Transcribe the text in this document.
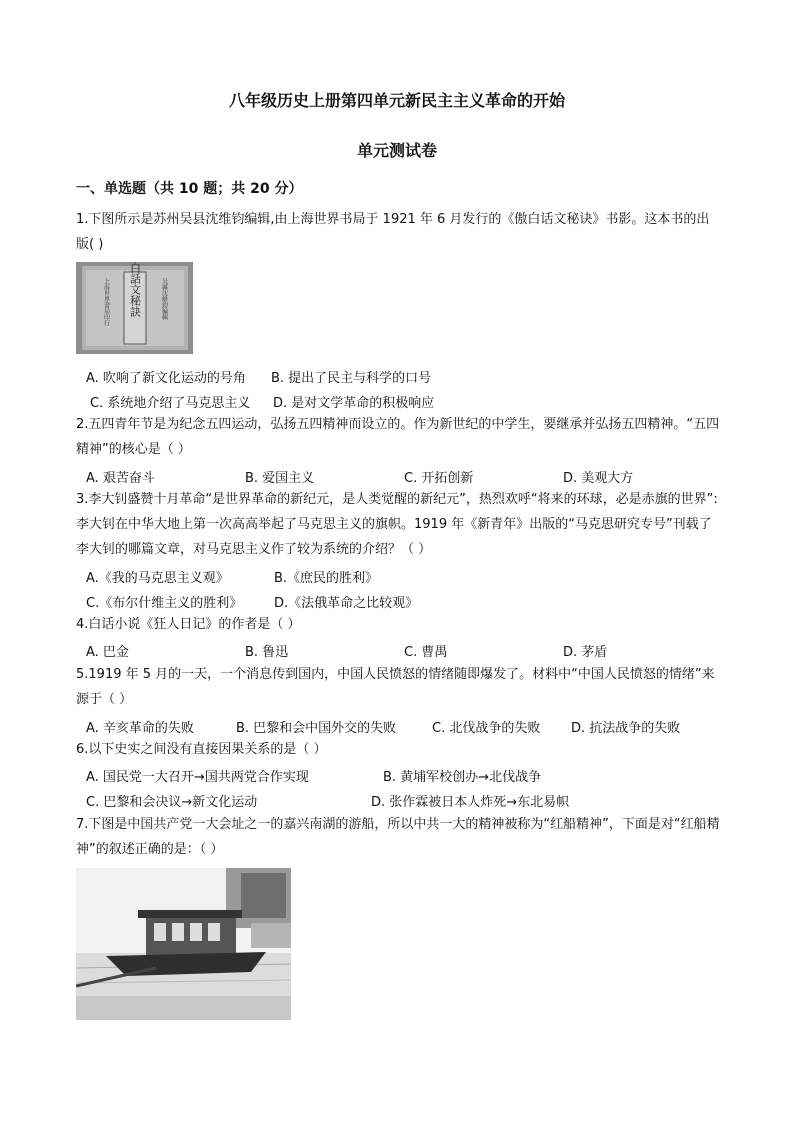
八年级历史上册第四单元新民主主义革命的开始
单元测试卷
一、单选题（共 10 题；共 20 分）
1.下图所示是苏州吴县沈维钧编辑,由上海世界书局于 1921 年 6 月发行的《傲白话文秘诀》书影。这本书的出版( )
傲白話文秘訣
上海世界書局印行	吴縣沈維鈞編輯
A. 吹响了新文化运动的号角 B. 提出了民主与科学的口号
C. 系统地介绍了马克思主义 D. 是对文学革命的积极响应
2.五四青年节是为纪念五四运动，弘扬五四精神而设立的。作为新世纪的中学生，要继承并弘扬五四精神。“五四精神”的核心是（ ）
A. 艰苦奋斗	B. 爱国主义	C. 开拓创新	D. 美观大方
3.李大钊盛赞十月革命“是世界革命的新纪元，是人类觉醒的新纪元”，热烈欢呼“将来的环球，必是赤旗的世界”: 李大钊在中华大地上第一次高高举起了马克思主义的旗帜。1919 年《新青年》出版的“马克思研究专号”刊载了李大钊的哪篇文章，对马克思主义作了较为系统的介绍？（ ）
A.《我的马克思主义观》	B.《庶民的胜利》
C.《布尔什维主义的胜利》 D.《法俄革命之比较观》
4.白话小说《狂人日记》的作者是（ ）
A. 巴金	B. 鲁迅	C. 曹禺	D. 茅盾
5.1919 年 5 月的一天，一个消息传到国内，中国人民愤怒的情绪随即爆发了。材料中“中国人民愤怒的情绪”来源于（ ）
A. 辛亥革命的失败	B. 巴黎和会中国外交的失败	C. 北伐战争的失败 D. 抗法战争的失败
6.以下史实之间没有直接因果关系的是（ ）
A. 国民党一大召开→国共两党合作实现	B. 黄埔军校创办→北伐战争
C. 巴黎和会决议→新文化运动	D. 张作霖被日本人炸死→东北易帜
7.下图是中国共产党一大会址之一的嘉兴南湖的游船，所以中共一大的精神被称为“红船精神”，下面是对“红船精神”的叙述正确的是：（ ）
